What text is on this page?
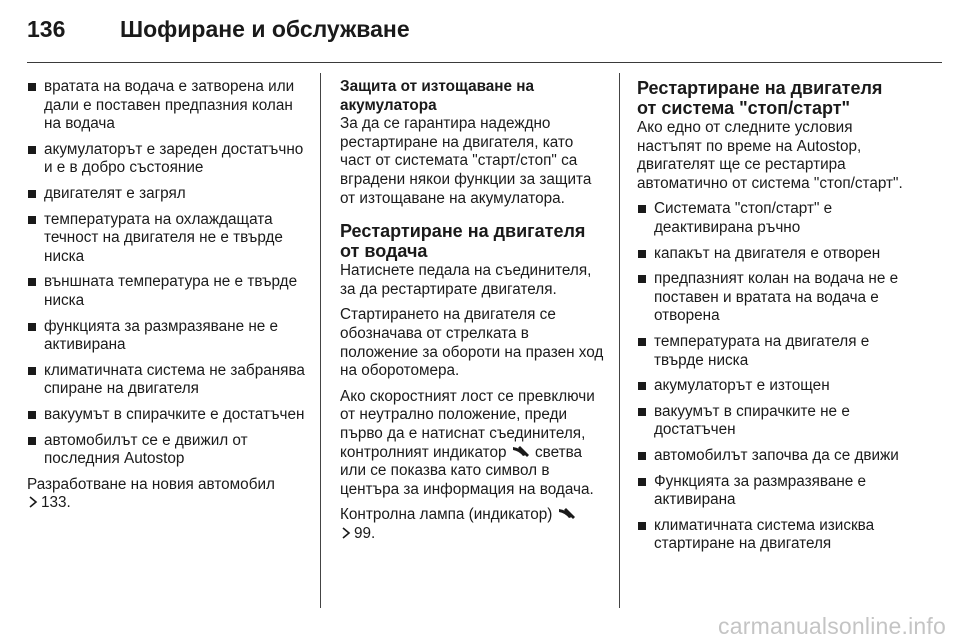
136 Шофиране и обслужване
вратата на водача е затворена или дали е поставен предпазния колан на водача
акумулаторът е зареден достатъчно и е в добро състояние
двигателят е загрял
температурата на охлаждащата течност на двигателя не е твърде ниска
външната температура не е твърде ниска
функцията за размразяване не е активирана
климатичната система не забранява спиране на двигателя
вакуумът в спирачките е достатъчен
автомобилът се е движил от последния Autostop

Разработване на новия автомобил
133.

Защита от изтощаване на акумулатора

За да се гарантира надеждно рестартиране на двигателя, като част от системата "старт/стоп" са вградени някои функции за защита от изтощаване на акумулатора.

Рестартиране на двигателя от водача

Натиснете педала на съединителя, за да рестартирате двигателя.

Стартирането на двигателя се обозначава от стрелката в положение за обороти на празен ход на оборотомера.

Ако скоростният лост се превключи от неутрално положение, преди първо да е натиснат съединителя, контролният индикатор светва или се показва като символ в центъра за информация на водача.

Контролна лампа (индикатор)
99.

Рестартиране на двигателя от система "стоп/старт"

Ако едно от следните условия настъпят по време на Autostop, двигателят ще се рестартира автоматично от система "стоп/старт".

Системата "стоп/старт" е деактивирана ръчно
капакът на двигателя е отворен
предпазният колан на водача не е поставен и вратата на водача е отворена
температурата на двигателя е твърде ниска
акумулаторът е изтощен
вакуумът в спирачките не е достатъчен
автомобилът започва да се движи
Функцията за размразяване е активирана
климатичната система изисква стартиране на двигателя
carmanualsonline.info
